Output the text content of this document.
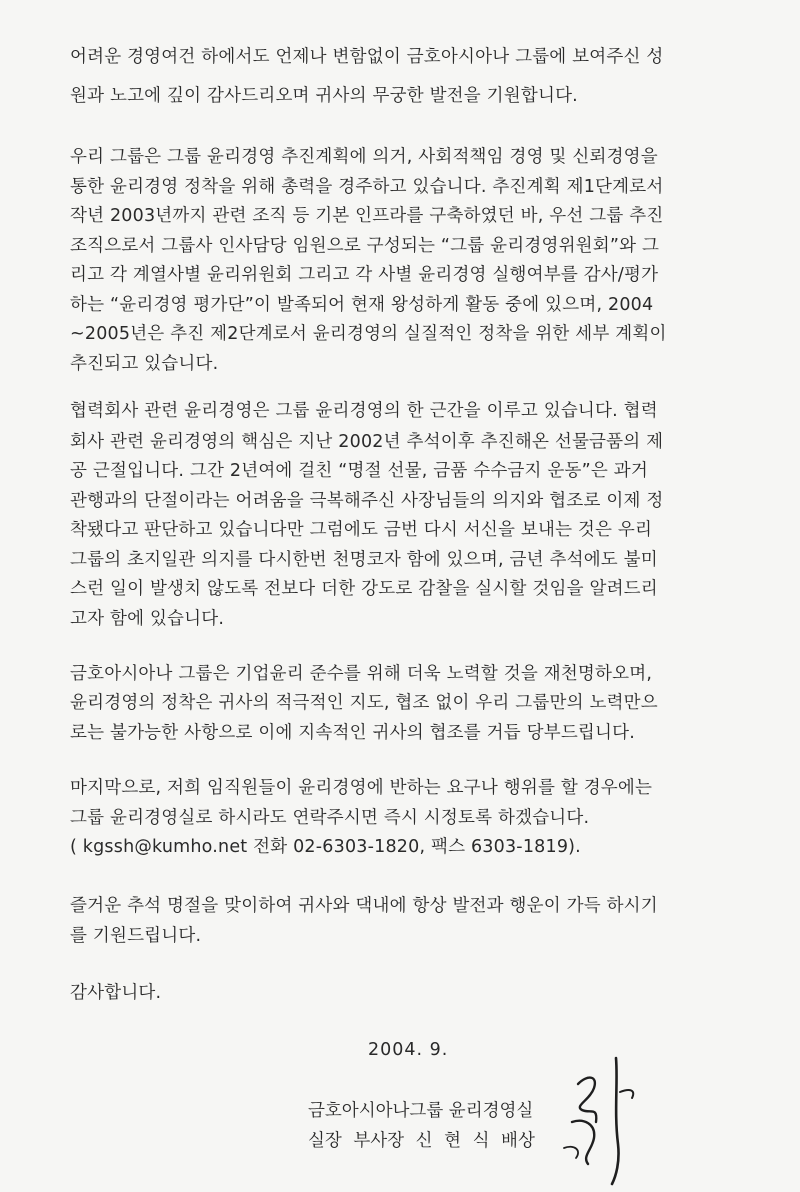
어려운 경영여건 하에서도 언제나 변함없이 금호아시아나 그룹에 보여주신 성
원과 노고에 깊이 감사드리오며 귀사의 무궁한 발전을 기원합니다.
우리 그룹은 그룹 윤리경영 추진계획에 의거, 사회적책임 경영 및 신뢰경영을
통한 윤리경영 정착을 위해 총력을 경주하고 있습니다. 추진계획 제1단계로서
작년 2003년까지 관련 조직 등 기본 인프라를 구축하였던 바, 우선 그룹 추진
조직으로서 그룹사 인사담당 임원으로 구성되는 “그룹 윤리경영위원회”와 그
리고 각 계열사별 윤리위원회 그리고 각 사별 윤리경영 실행여부를 감사/평가
하는 “윤리경영 평가단”이 발족되어 현재 왕성하게 활동 중에 있으며, 2004
~2005년은 추진 제2단계로서 윤리경영의 실질적인 정착을 위한 세부 계획이
추진되고 있습니다.
협력회사 관련 윤리경영은 그룹 윤리경영의 한 근간을 이루고 있습니다. 협력
회사 관련 윤리경영의 핵심은 지난 2002년 추석이후 추진해온 선물금품의 제
공 근절입니다. 그간 2년여에 걸친 “명절 선물, 금품 수수금지 운동”은 과거
관행과의 단절이라는 어려움을 극복해주신 사장님들의 의지와 협조로 이제 정
착됐다고 판단하고 있습니다만 그럼에도 금번 다시 서신을 보내는 것은 우리
그룹의 초지일관 의지를 다시한번 천명코자 함에 있으며, 금년 추석에도 불미
스런 일이 발생치 않도록 전보다 더한 강도로 감찰을 실시할 것임을 알려드리
고자 함에 있습니다.
금호아시아나 그룹은 기업윤리 준수를 위해 더욱 노력할 것을 재천명하오며,
윤리경영의 정착은 귀사의 적극적인 지도, 협조 없이 우리 그룹만의 노력만으
로는 불가능한 사항으로 이에 지속적인 귀사의 협조를 거듭 당부드립니다.
마지막으로, 저희 임직원들이 윤리경영에 반하는 요구나 행위를 할 경우에는
그룹 윤리경영실로 하시라도 연락주시면 즉시 시정토록 하겠습니다.
( kgssh@kumho.net 전화 02-6303-1820, 팩스 6303-1819).
즐거운 추석 명절을 맞이하여 귀사와 댁내에 항상 발전과 행운이 가득 하시기
를 기원드립니다.
감사합니다.
2004. 9.
금호아시아나그룹 윤리경영실
실장 부사장 신 현 식 배상
